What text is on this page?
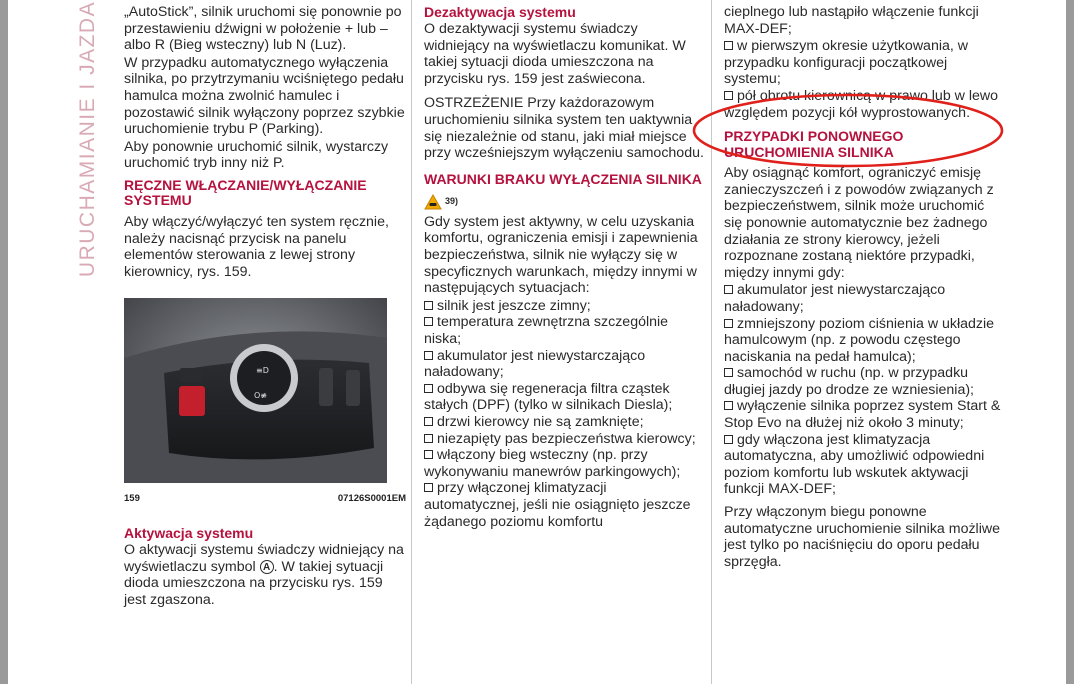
URUCHAMIANIE I JAZDA „AutoStick”, silnik uruchomi się ponownie po przestawieniu dźwigni w położenie + lub – albo R (Bieg wsteczny) lub N (Luz).

W przypadku automatycznego wyłączenia silnika, po przytrzymaniu wciśniętego pedału hamulca można zwolnić hamulec i pozostawić silnik wyłączony poprzez szybkie uruchomienie trybu P (Parking).

Aby ponownie uruchomić silnik, wystarczy uruchomić tryb inny niż P.

RĘCZNE WŁĄCZANIE/WYŁĄCZANIE SYSTEMU

Aby włączyć/wyłączyć ten system ręcznie, należy nacisnąć przycisk na panelu elementów sterowania z lewej strony kierownicy, rys. 159.

≡D
O≢
159	07126S0001EM
Aktywacja systemu

O aktywacji systemu świadczy widniejący na wyświetlaczu symbol A . W takiej sytuacji dioda umieszczona na przycisku rys. 159 jest zgaszona.

Dezaktywacja systemu

O dezaktywacji systemu świadczy widniejący na wyświetlaczu komunikat. W takiej sytuacji dioda umieszczona na przycisku rys. 159 jest zaświecona.

OSTRZEŻENIE Przy każdorazowym uruchomieniu silnika system ten uaktywnia się niezależnie od stanu, jaki miał miejsce przy wcześniejszym wyłączeniu samochodu.

WARUNKI BRAKU WYŁĄCZENIA SILNIKA

39)

Gdy system jest aktywny, w celu uzyskania komfortu, ograniczenia emisji i zapewnienia bezpieczeństwa, silnik nie wyłączy się w specyficznych warunkach, między innymi w następujących sytuacjach:

silnik jest jeszcze zimny;
temperatura zewnętrzna szczególnie niska;
akumulator jest niewystarczająco naładowany;
odbywa się regeneracja filtra cząstek stałych (DPF) (tylko w silnikach Diesla);
drzwi kierowcy nie są zamknięte;
niezapięty pas bezpieczeństwa kierowcy;
włączony bieg wsteczny (np. przy wykonywaniu manewrów parkingowych);
przy włączonej klimatyzacji automatycznej, jeśli nie osiągnięto jeszcze żądanego poziomu komfortu

cieplnego lub nastąpiło włączenie funkcji MAX-DEF;

w pierwszym okresie użytkowania, w przypadku konfiguracji początkowej systemu;
pół obrotu kierownicą w prawo lub w lewo względem pozycji kół wyprostowanych.
PRZYPADKI PONOWNEGO URUCHOMIENIA SILNIKA

Aby osiągnąć komfort, ograniczyć emisję zanieczyszczeń i z powodów związanych z bezpieczeństwem, silnik może uruchomić się ponownie automatycznie bez żadnego działania ze strony kierowcy, jeżeli rozpoznane zostaną niektóre przypadki, między innymi gdy:

akumulator jest niewystarczająco naładowany;
zmniejszony poziom ciśnienia w układzie hamulcowym (np. z powodu częstego naciskania na pedał hamulca);
samochód w ruchu (np. w przypadku długiej jazdy po drodze ze wzniesienia);
wyłączenie silnika poprzez system Start & Stop Evo na dłużej niż około 3 minuty;
gdy włączona jest klimatyzacja automatyczna, aby umożliwić odpowiedni poziom komfortu lub wskutek aktywacji funkcji MAX-DEF;

Przy włączonym biegu ponowne automatyczne uruchomienie silnika możliwe jest tylko po naciśnięciu do oporu pedału sprzęgła.
